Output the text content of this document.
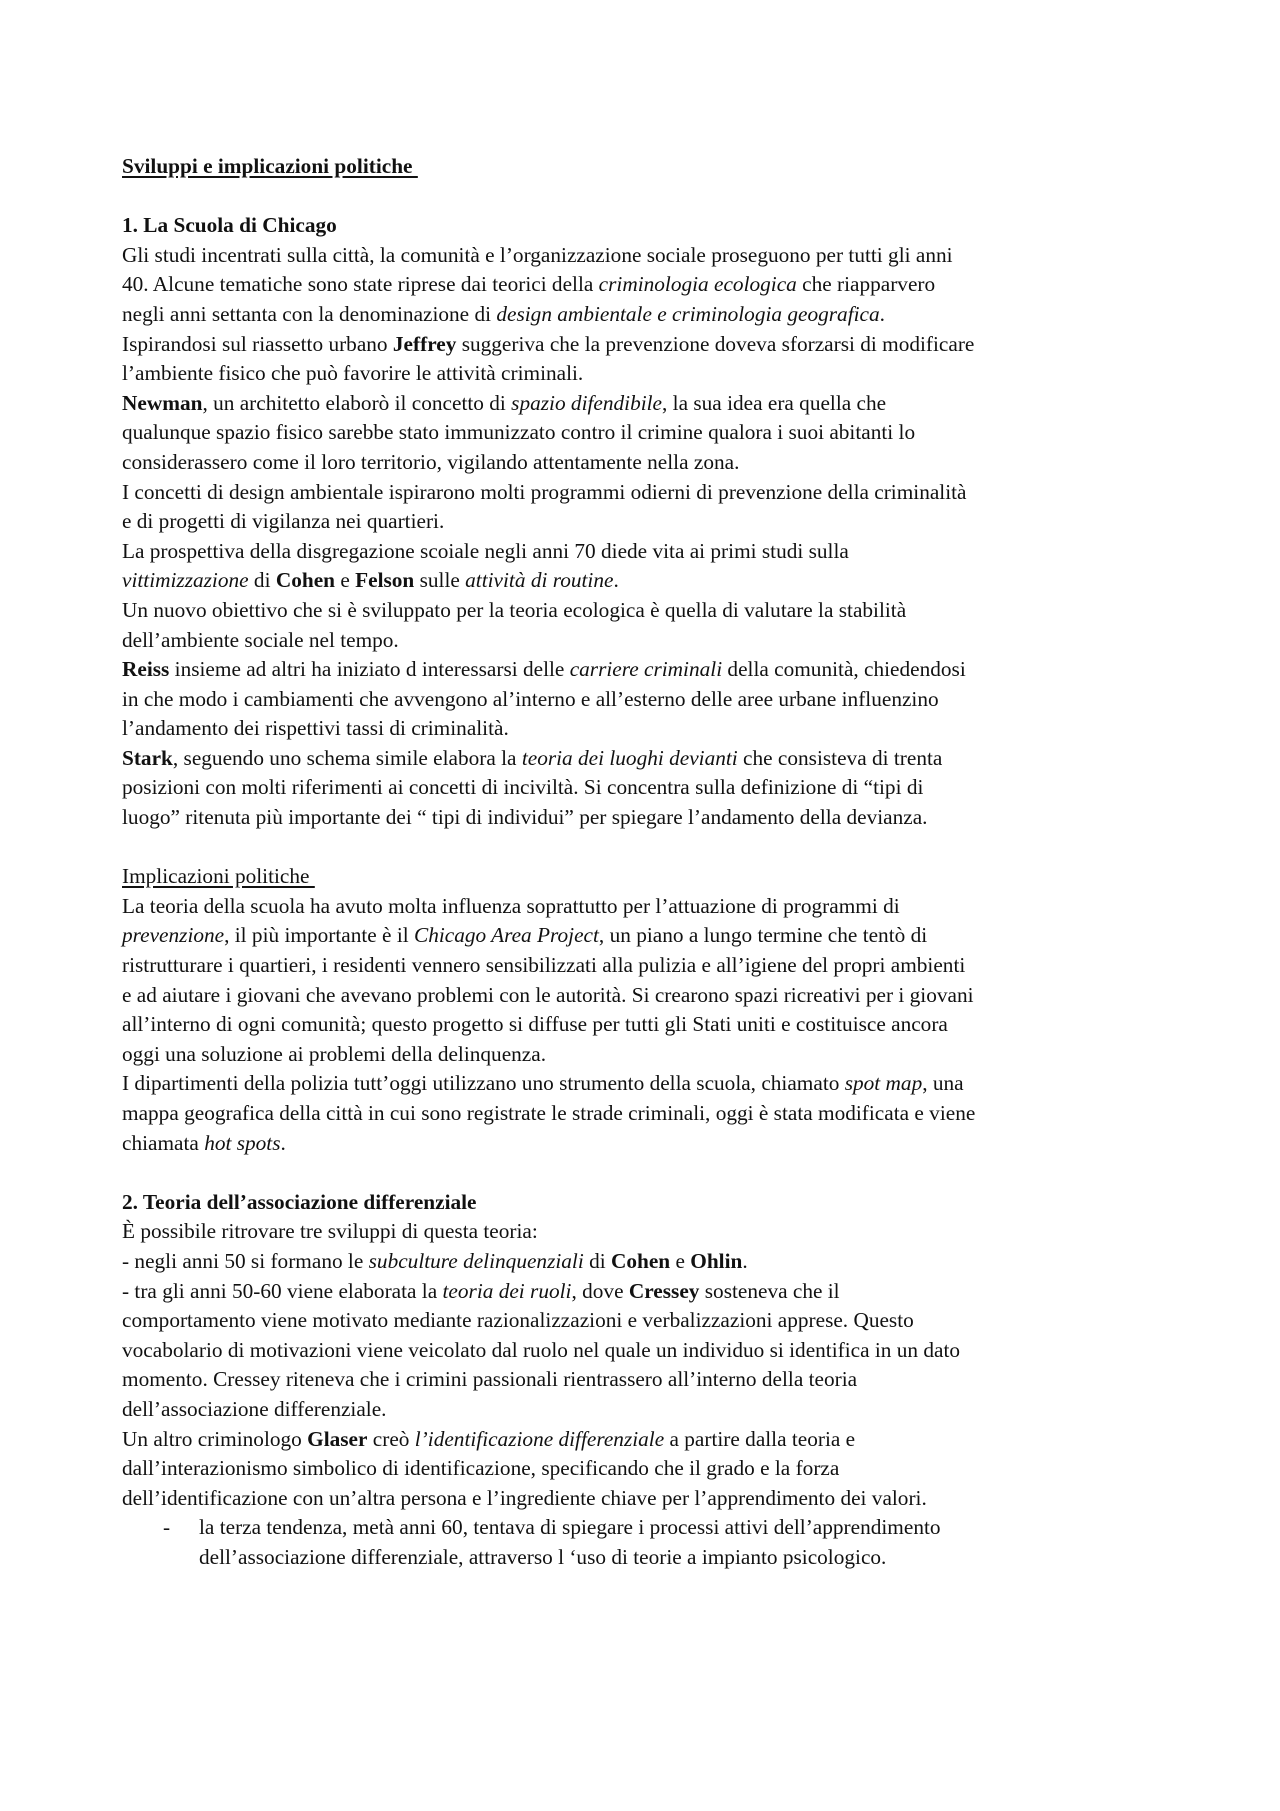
Sviluppi e implicazioni politiche
1. La Scuola di Chicago
Gli studi incentrati sulla città, la comunità e l’organizzazione sociale proseguono per tutti gli anni
40. Alcune tematiche sono state riprese dai teorici della criminologia ecologica che riapparvero
negli anni settanta con la denominazione di design ambientale e criminologia geografica.
Ispirandosi sul riassetto urbano Jeffrey suggeriva che la prevenzione doveva sforzarsi di modificare
l’ambiente fisico che può favorire le attività criminali.
Newman, un architetto elaborò il concetto di spazio difendibile, la sua idea era quella che
qualunque spazio fisico sarebbe stato immunizzato contro il crimine qualora i suoi abitanti lo
considerassero come il loro territorio, vigilando attentamente nella zona.
I concetti di design ambientale ispirarono molti programmi odierni di prevenzione della criminalità
e di progetti di vigilanza nei quartieri.
La prospettiva della disgregazione scoiale negli anni 70 diede vita ai primi studi sulla
vittimizzazione di Cohen e Felson sulle attività di routine.
Un nuovo obiettivo che si è sviluppato per la teoria ecologica è quella di valutare la stabilità
dell’ambiente sociale nel tempo.
Reiss insieme ad altri ha iniziato d interessarsi delle carriere criminali della comunità, chiedendosi
in che modo i cambiamenti che avvengono al’interno e all’esterno delle aree urbane influenzino
l’andamento dei rispettivi tassi di criminalità.
Stark, seguendo uno schema simile elabora la teoria dei luoghi devianti che consisteva di trenta
posizioni con molti riferimenti ai concetti di inciviltà. Si concentra sulla definizione di “tipi di
luogo” ritenuta più importante dei “ tipi di individui” per spiegare l’andamento della devianza.
Implicazioni politiche
La teoria della scuola ha avuto molta influenza soprattutto per l’attuazione di programmi di
prevenzione, il più importante è il Chicago Area Project, un piano a lungo termine che tentò di
ristrutturare i quartieri, i residenti vennero sensibilizzati alla pulizia e all’igiene del propri ambienti
e ad aiutare i giovani che avevano problemi con le autorità. Si crearono spazi ricreativi per i giovani
all’interno di ogni comunità; questo progetto si diffuse per tutti gli Stati uniti e costituisce ancora
oggi una soluzione ai problemi della delinquenza.
I dipartimenti della polizia tutt’oggi utilizzano uno strumento della scuola, chiamato spot map, una
mappa geografica della città in cui sono registrate le strade criminali, oggi è stata modificata e viene
chiamata hot spots.
2. Teoria dell’associazione differenziale
È possibile ritrovare tre sviluppi di questa teoria:
- negli anni 50 si formano le subculture delinquenziali di Cohen e Ohlin.
- tra gli anni 50-60 viene elaborata la teoria dei ruoli, dove Cressey sosteneva che il
comportamento viene motivato mediante razionalizzazioni e verbalizzazioni apprese. Questo
vocabolario di motivazioni viene veicolato dal ruolo nel quale un individuo si identifica in un dato
momento. Cressey riteneva che i crimini passionali rientrassero all’interno della teoria
dell’associazione differenziale.
Un altro criminologo Glaser creò l’identificazione differenziale a partire dalla teoria e
dall’interazionismo simbolico di identificazione, specificando che il grado e la forza
dell’identificazione con un’altra persona e l’ingrediente chiave per l’apprendimento dei valori.
- la terza tendenza, metà anni 60, tentava di spiegare i processi attivi dell’apprendimento
dell’associazione differenziale, attraverso l ‘uso di teorie a impianto psicologico.
